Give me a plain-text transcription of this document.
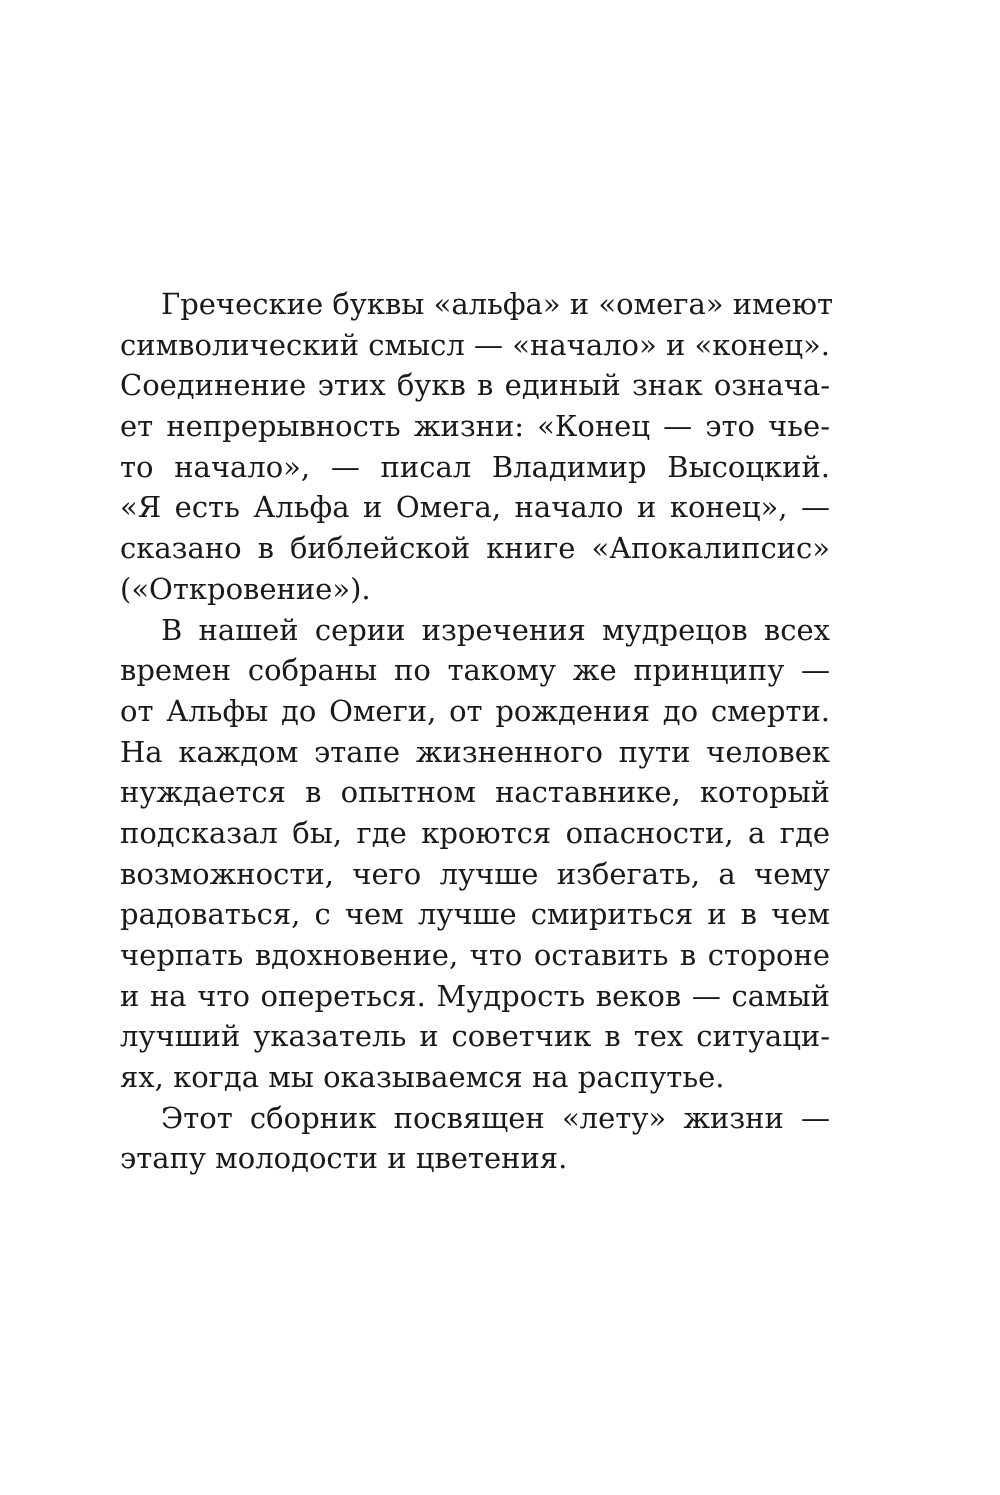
Греческие буквы «альфа» и «омега» имеют
символический смысл — «начало» и «конец».
Соединение этих букв в единый знак означа-
ет непрерывность жизни: «Конец — это чье-
то начало», — писал Владимир Высоцкий.
«Я есть Альфа и Омега, начало и конец», —
сказано в библейской книге «Апокалипсис»
(«Откровение»).
В нашей серии изречения мудрецов всех
времен собраны по такому же принципу —
от Альфы до Омеги, от рождения до смерти.
На каждом этапе жизненного пути человек
нуждается в опытном наставнике, который
подсказал бы, где кроются опасности, а где
возможности, чего лучше избегать, а чему
радоваться, с чем лучше смириться и в чем
черпать вдохновение, что оставить в стороне
и на что опереться. Мудрость веков — самый
лучший указатель и советчик в тех ситуаци-
ях, когда мы оказываемся на распутье.
Этот сборник посвящен «лету» жизни —
этапу молодости и цветения.
